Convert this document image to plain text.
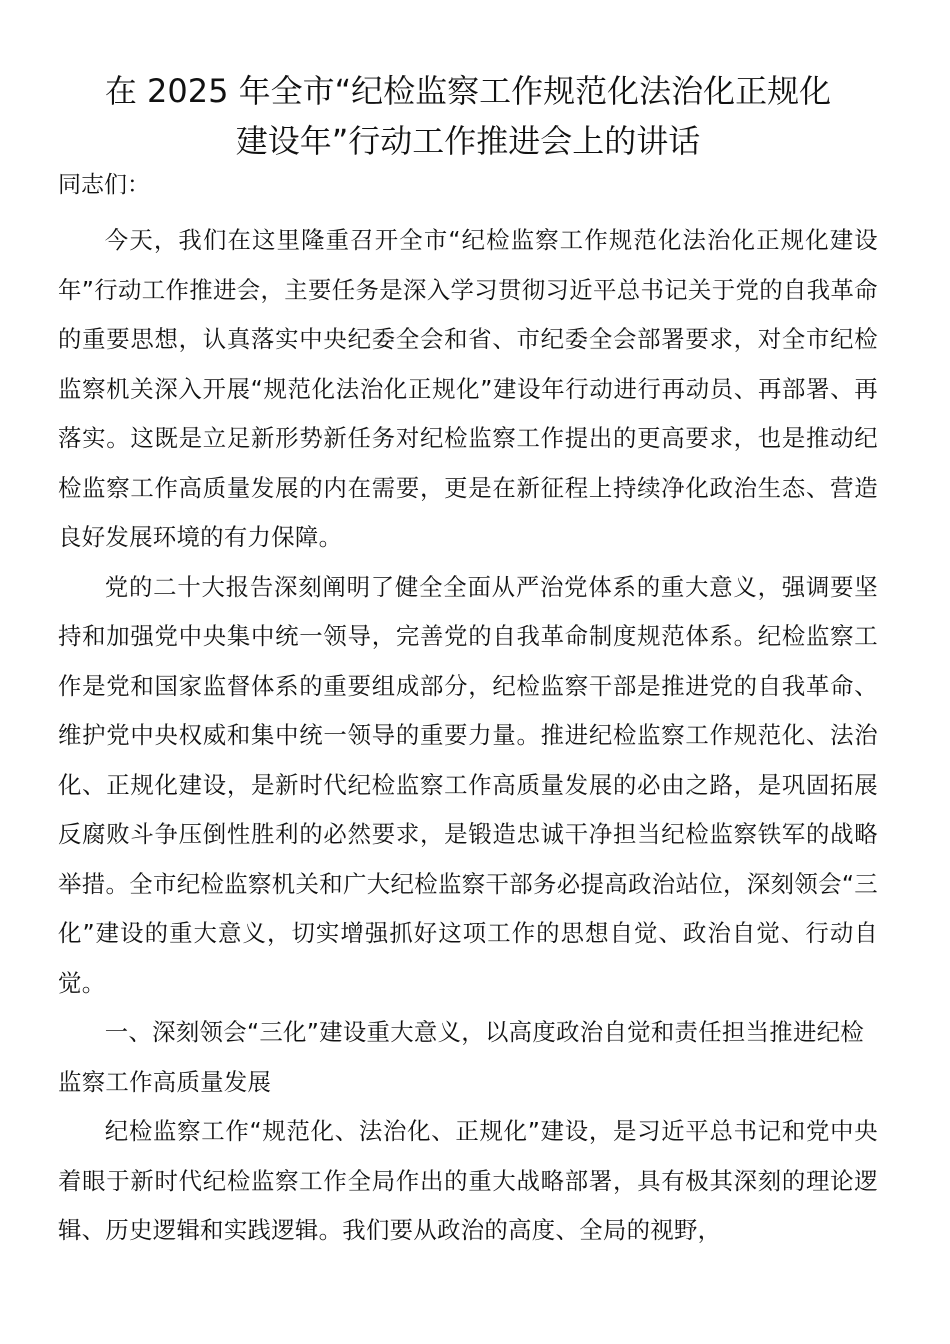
在 2025 年全市“纪检监察工作规范化法治化正规化
建设年”行动工作推进会上的讲话

同志们：

今天，我们在这里隆重召开全市“纪检监察工作规范化法治化正规化建设年”行动工作推进会，主要任务是深入学习贯彻习近平总书记关于党的自我革命的重要思想，认真落实中央纪委全会和省、市纪委全会部署要求，对全市纪检监察机关深入开展“规范化法治化正规化”建设年行动进行再动员、再部署、再落实。这既是立足新形势新任务对纪检监察工作提出的更高要求，也是推动纪检监察工作高质量发展的内在需要，更是在新征程上持续净化政治生态、营造良好发展环境的有力保障。

党的二十大报告深刻阐明了健全全面从严治党体系的重大意义，强调要坚持和加强党中央集中统一领导，完善党的自我革命制度规范体系。纪检监察工作是党和国家监督体系的重要组成部分，纪检监察干部是推进党的自我革命、维护党中央权威和集中统一领导的重要力量。推进纪检监察工作规范化、法治化、正规化建设，是新时代纪检监察工作高质量发展的必由之路，是巩固拓展反腐败斗争压倒性胜利的必然要求，是锻造忠诚干净担当纪检监察铁军的战略举措。全市纪检监察机关和广大纪检监察干部务必提高政治站位，深刻领会“三化”建设的重大意义，切实增强抓好这项工作的思想自觉、政治自觉、行动自觉。

一、深刻领会“三化”建设重大意义，以高度政治自觉和责任担当推进纪检监察工作高质量发展

纪检监察工作“规范化、法治化、正规化”建设，是习近平总书记和党中央着眼于新时代纪检监察工作全局作出的重大战略部署，具有极其深刻的理论逻辑、历史逻辑和实践逻辑。我们要从政治的高度、全局的视野，
